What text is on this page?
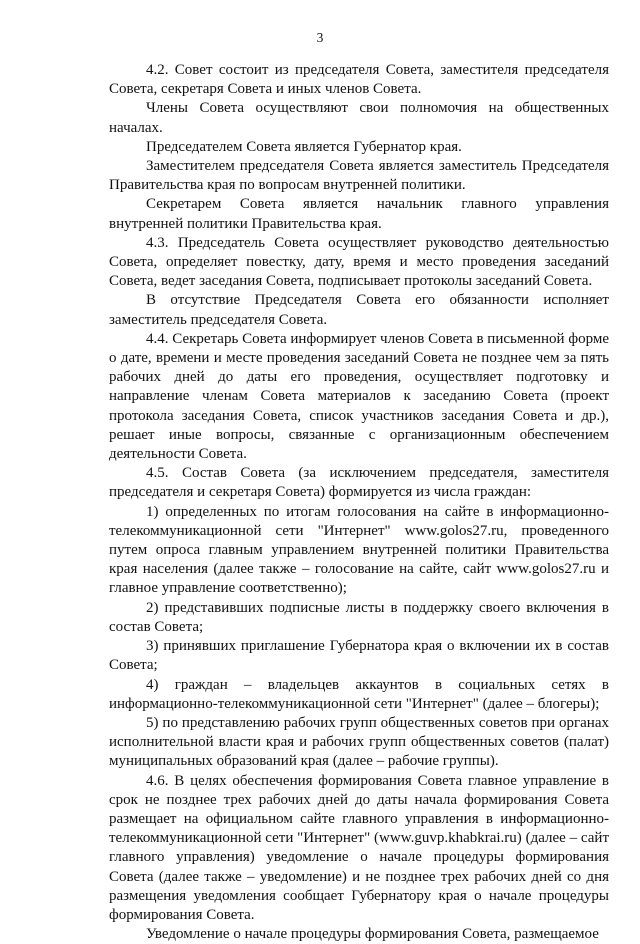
3

4.2. Совет состоит из председателя Совета, заместителя председателя Совета, секретаря Совета и иных членов Совета.

Члены Совета осуществляют свои полномочия на общественных началах.

Председателем Совета является Губернатор края.

Заместителем председателя Совета является заместитель Председателя Правительства края по вопросам внутренней политики.

Секретарем Совета является начальник главного управления внутренней политики Правительства края.

4.3. Председатель Совета осуществляет руководство деятельностью Совета, определяет повестку, дату, время и место проведения заседаний Совета, ведет заседания Совета, подписывает протоколы заседаний Совета.

В отсутствие Председателя Совета его обязанности исполняет заместитель председателя Совета.

4.4. Секретарь Совета информирует членов Совета в письменной форме о дате, времени и месте проведения заседаний Совета не позднее чем за пять рабочих дней до даты его проведения, осуществляет подготовку и направление членам Совета материалов к заседанию Совета (проект протокола заседания Совета, список участников заседания Совета и др.), решает иные вопросы, связанные с организационным обеспечением деятельности Совета.

4.5. Состав Совета (за исключением председателя, заместителя председателя и секретаря Совета) формируется из числа граждан:

1) определенных по итогам голосования на сайте в информационно-телекоммуникационной сети "Интернет" www.golos27.ru, проведенного путем опроса главным управлением внутренней политики Правительства края населения (далее также – голосование на сайте, сайт www.golos27.ru и главное управление соответственно);

2) представивших подписные листы в поддержку своего включения в состав Совета;

3) принявших приглашение Губернатора края о включении их в состав Совета;

4) граждан – владельцев аккаунтов в социальных сетях в информационно-телекоммуникационной сети "Интернет" (далее – блогеры);

5) по представлению рабочих групп общественных советов при органах исполнительной власти края и рабочих групп общественных советов (палат) муниципальных образований края (далее – рабочие группы).

4.6. В целях обеспечения формирования Совета главное управление в срок не позднее трех рабочих дней до даты начала формирования Совета размещает на официальном сайте главного управления в информационно-телекоммуникационной сети "Интернет" (www.guvp.khabkrai.ru) (далее – сайт главного управления) уведомление о начале процедуры формирования Совета (далее также – уведомление) и не позднее трех рабочих дней со дня размещения уведомления сообщает Губернатору края о начале процедуры формирования Совета.

Уведомление о начале процедуры формирования Совета, размещаемое
